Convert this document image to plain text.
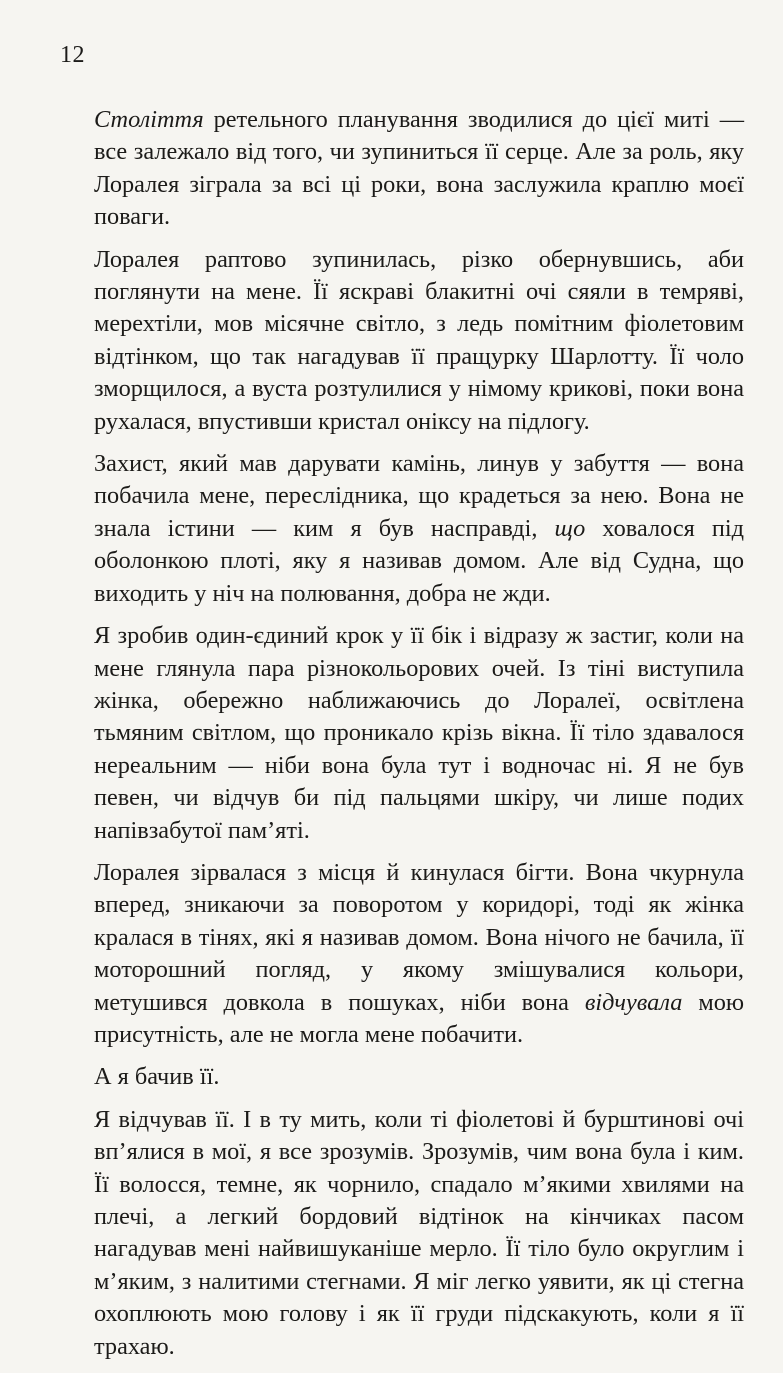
12

Століття ретельного планування зводилися до цієї миті — все залежало від того, чи зупиниться її серце. Але за роль, яку Лоралея зіграла за всі ці роки, вона заслужила краплю моєї поваги.

Лоралея раптово зупинилась, різко обернувшись, аби поглянути на мене. Її яскраві блакитні очі сяяли в темряві, мерехтіли, мов місячне світло, з ледь помітним фіолетовим відтінком, що так нагадував її пращурку Шарлотту. Її чоло зморщилося, а вуста розтулилися у німому крикові, поки вона рухалася, впустивши кристал оніксу на підлогу.

Захист, який мав дарувати камінь, линув у забуття — вона побачила мене, переслідника, що крадеться за нею. Вона не знала істини — ким я був насправді, що ховалося під оболонкою плоті, яку я називав домом. Але від Судна, що виходить у ніч на полювання, добра не жди.

Я зробив один-єдиний крок у її бік і відразу ж застиг, коли на мене глянула пара різнокольорових очей. Із тіні виступила жінка, обережно наближаючись до Лоралеї, освітлена тьмяним світлом, що проникало крізь вікна. Її тіло здавалося нереальним — ніби вона була тут і водночас ні. Я не був певен, чи відчув би під пальцями шкіру, чи лише подих напівзабутої пам’яті.

Лоралея зірвалася з місця й кинулася бігти. Вона чкурнула вперед, зникаючи за поворотом у коридорі, тоді як жінка кралася в тінях, які я називав домом. Вона нічого не бачила, її моторошний погляд, у якому змішувалися кольори, метушився довкола в пошуках, ніби вона відчувала мою присутність, але не могла мене побачити.

А я бачив її.

Я відчував її. І в ту мить, коли ті фіолетові й бурштинові очі вп’ялися в мої, я все зрозумів. Зрозумів, чим вона була і ким. Її волосся, темне, як чорнило, спадало м’якими хвилями на плечі, а легкий бордовий відтінок на кінчиках пасом нагадував мені найвишуканіше мерло. Її тіло було округлим і м’яким, з налитими стегнами. Я міг легко уявити, як ці стегна охоплюють мою голову і як її груди підскакують, коли я її трахаю.
